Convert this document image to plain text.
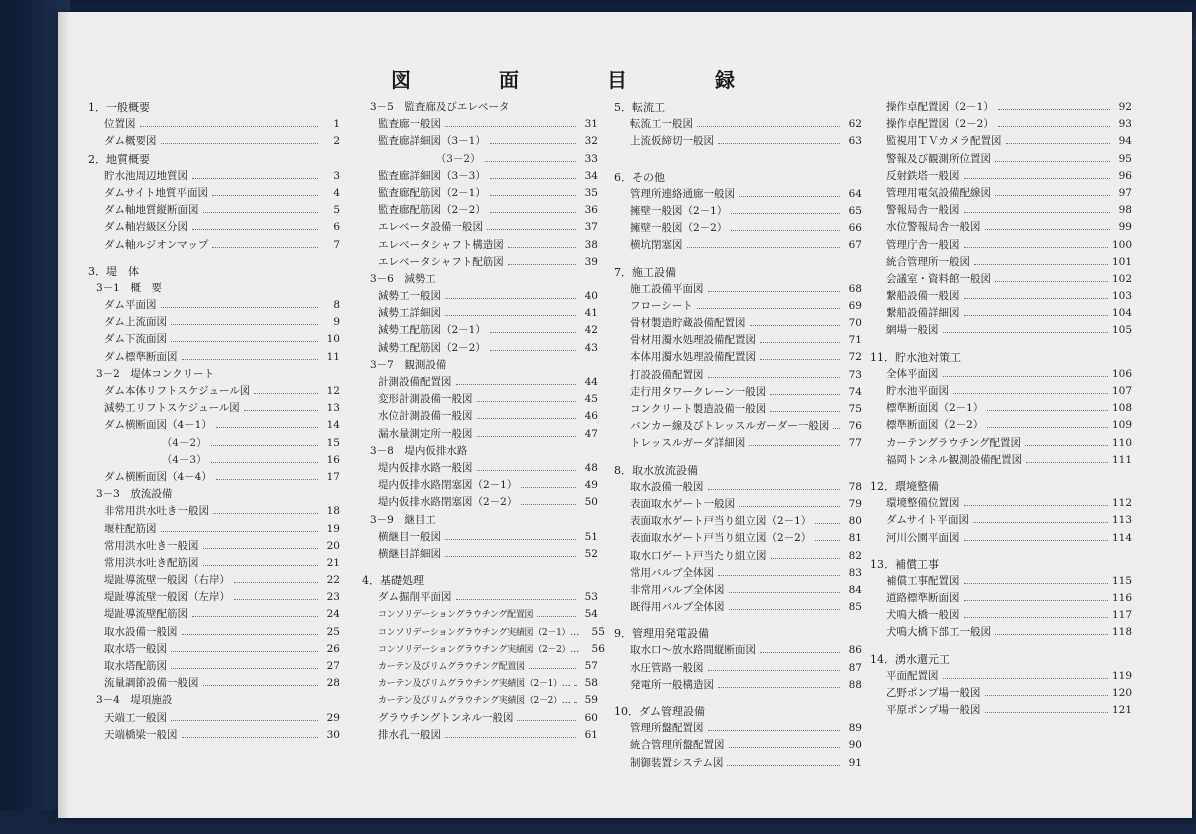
図　面　目　録
1．一般概要
位置図	1
ダム概要図	2
2．地質概要
貯水池周辺地質図	3
ダムサイト地質平面図	4
ダム軸地質縦断面図	5
ダム軸岩級区分図	6
ダム軸ルジオンマップ	7
3．堤　体
3－1　概　要
ダム平面図	8
ダム上流面図	9
ダム下流面図	10
ダム標準断面図	11
3－2　堤体コンクリート
ダム本体リフトスケジュール図	12
減勢工リフトスケジュール図	13
ダム横断面図（4－1）	14
　　　　　　（4－2）	15
　　　　　　（4－3）	16
ダム横断面図（4－4）	17
3－3　放流設備
非常用洪水吐き一般図	18
堰柱配筋図	19
常用洪水吐き一般図	20
常用洪水吐き配筋図	21
堤趾導流壁一般図（右岸）	22
堤趾導流壁一般図（左岸）	23
堤趾導流壁配筋図	24
取水設備一般図	25
取水塔一般図	26
取水塔配筋図	27
流量調節設備一般図	28
3－4　堤項施設
天端工一般図	29
天端橋梁一般図	30
3－5　監査廊及びエレベータ
監査廊一般図	31
監査廊詳細図（3－1）	32
　　　　　　（3－2）	33
監査廊詳細図（3－3）	34
監査廊配筋図（2－1）	35
監査廊配筋図（2－2）	36
エレベータ設備一般図	37
エレベータシャフト構造図	38
エレベータシャフト配筋図	39
3－6　減勢工
減勢工一般図	40
減勢工詳細図	41
減勢工配筋図（2－1）	42
減勢工配筋図（2－2）	43
3－7　観測設備
計測設備配置図	44
変形計測設備一般図	45
水位計測設備一般図	46
漏水量測定所一般図	47
3－8　堤内仮排水路
堤内仮排水路一般図	48
堤内仮排水路閉塞図（2－1）	49
堤内仮排水路閉塞図（2－2）	50
3－9　継目工
横継目一般図	51
横継目詳細図	52
4．基礎処理
ダム掘削平面図	53
コンソリデーショングラウチング配置図	54
コンソリデーショングラウチング実績図（2－1）…	55
コンソリデーショングラウチング実績図（2－2）…	56
カーテン及びリムグラウチング配置図	57
カーテン及びリムグラウチング実績図（2－1）…	58
カーテン及びリムグラウチング実績図（2－2）…	59
グラウチングトンネル一般図	60
排水孔一般図	61
5．転流工
転流工一般図	62
上流仮締切一般図	63
6．その他
管理所連絡通廊一般図	64
擁壁一般図（2－1）	65
擁壁一般図（2－2）	66
横坑閉塞図	67
7．施工設備
施工設備平面図	68
フローシート	69
骨材製造貯蔵設備配置図	70
骨材用濁水処理設備配置図	71
本体用濁水処理設備配置図	72
打設設備配置図	73
走行用タワークレーン一般図	74
コンクリート製造設備一般図	75
バンカー線及びトレッスルガーダー一般図	76
トレッスルガーダ詳細図	77
8．取水放流設備
取水設備一般図	78
表面取水ゲート一般図	79
表面取水ゲート戸当り組立図（2－1）	80
表面取水ゲート戸当り組立図（2－2）	81
取水口ゲート戸当たり組立図	82
常用バルブ全体図	83
非常用バルブ全体図	84
既得用バルブ全体図	85
9．管理用発電設備
取水口～放水路間縦断面図	86
水圧管路一般図	87
発電所一般構造図	88
10．ダム管理設備
管理所盤配置図	89
統合管理所盤配置図	90
制御装置システム図	91
操作卓配置図（2－1）	92
操作卓配置図（2－2）	93
監視用ＴＶカメラ配置図	94
警報及び観測所位置図	95
反射鉄塔一般図	96
管理用電気設備配線図	97
警報局舎一般図	98
水位警報局舎一般図	99
管理庁舎一般図	100
統合管理所一般図	101
会議室・資料館一般図	102
繋船設備一般図	103
繋船設備詳細図	104
網場一般図	105
11．貯水池対策工
全体平面図	106
貯水池平面図	107
標準断面図（2－1）	108
標準断面図（2－2）	109
カーテングラウチング配置図	110
福岡トンネル観測設備配置図	111
12．環境整備
環境整備位置図	112
ダムサイト平面図	113
河川公園平面図	114
13．補償工事
補償工事配置図	115
道路標準断面図	116
犬鳴大橋一般図	117
犬鳴大橋下部工一般図	118
14．湧水還元工
平面配置図	119
乙野ポンプ場一般図	120
平原ポンプ場一般図	121
